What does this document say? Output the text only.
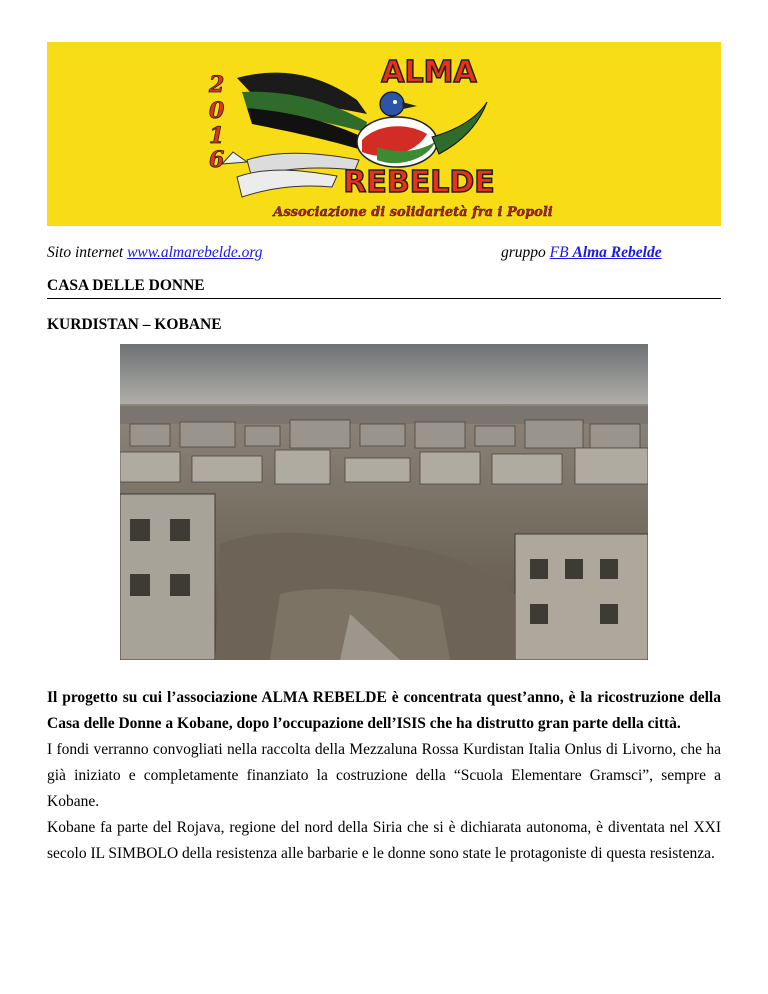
2
0
1
6
ALMA
REBELDE
Associazione di solidarietà fra i Popoli
Sito internet www.almarebelde.org	gruppo FB Alma Rebelde
CASA DELLE DONNE
KURDISTAN – KOBANE

Il progetto su cui l’associazione ALMA REBELDE è concentrata quest’anno, è la ricostruzione della Casa delle Donne a Kobane, dopo l’occupazione dell’ISIS che ha distrutto gran parte della città.

I fondi verranno convogliati nella raccolta della Mezzaluna Rossa Kurdistan Italia Onlus di Livorno, che ha già iniziato e completamente finanziato la costruzione della “Scuola Elementare Gramsci”, sempre a Kobane.

Kobane fa parte del Rojava, regione del nord della Siria che si è dichiarata autonoma, è diventata nel XXI secolo IL SIMBOLO della resistenza alle barbarie e le donne sono state le protagoniste di questa resistenza.
